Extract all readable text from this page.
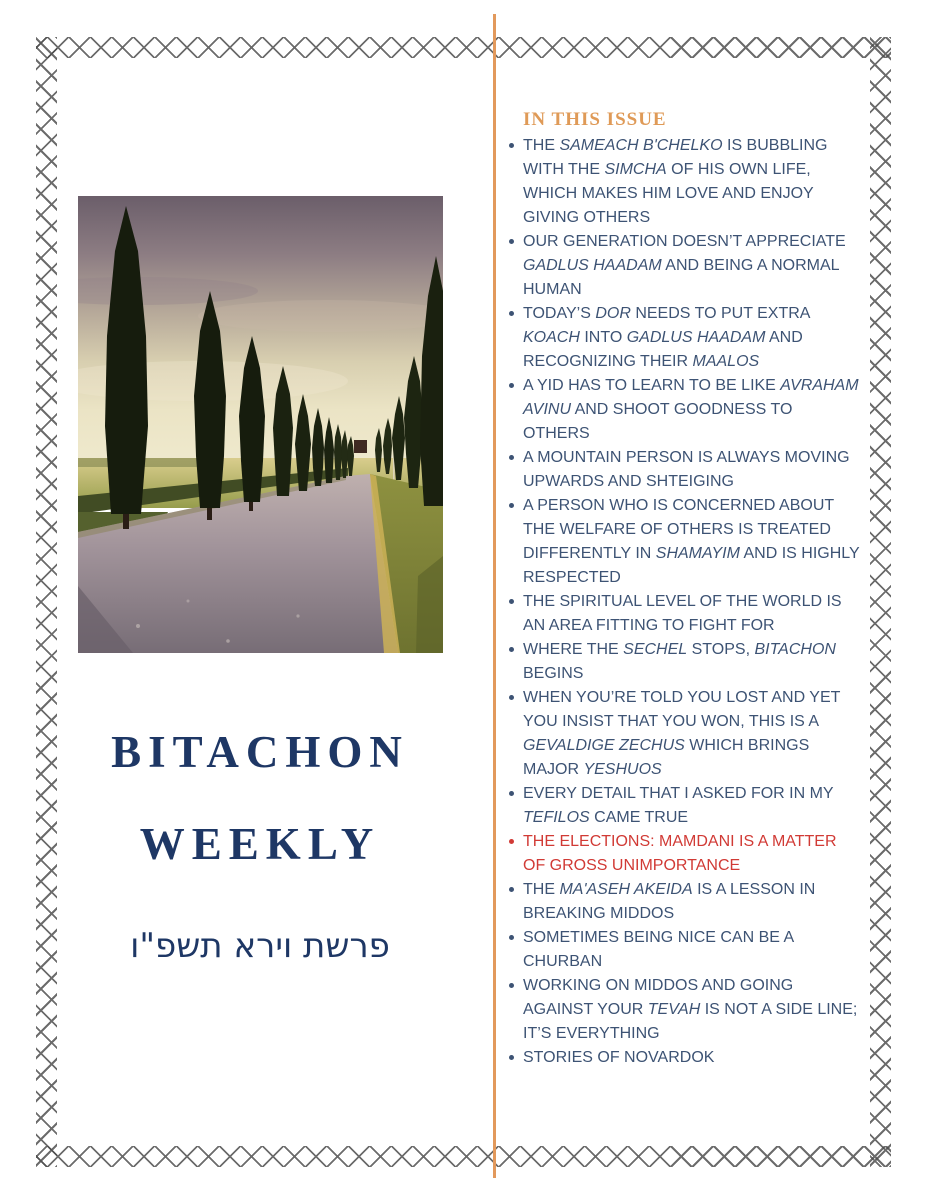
BITACHON
WEEKLY
פרשת וירא תשפ"ו
IN THIS ISSUE
THE SAMEACH B'CHELKO IS BUBBLING WITH THE SIMCHA OF HIS OWN LIFE, WHICH MAKES HIM LOVE AND ENJOY GIVING OTHERS
OUR GENERATION DOESN’T APPRECIATE GADLUS HAADAM AND BEING A NORMAL HUMAN
TODAY’S DOR NEEDS TO PUT EXTRA KOACH INTO GADLUS HAADAM AND RECOGNIZING THEIR MAALOS
A YID HAS TO LEARN TO BE LIKE AVRAHAM AVINU AND SHOOT GOODNESS TO OTHERS
A MOUNTAIN PERSON IS ALWAYS MOVING UPWARDS AND SHTEIGING
A PERSON WHO IS CONCERNED ABOUT THE WELFARE OF OTHERS IS TREATED DIFFERENTLY IN SHAMAYIM AND IS HIGHLY RESPECTED
THE SPIRITUAL LEVEL OF THE WORLD IS AN AREA FITTING TO FIGHT FOR
WHERE THE SECHEL STOPS, BITACHON BEGINS
WHEN YOU’RE TOLD YOU LOST AND YET YOU INSIST THAT YOU WON, THIS IS A GEVALDIGE ZECHUS WHICH BRINGS MAJOR YESHUOS
EVERY DETAIL THAT I ASKED FOR IN MY TEFILOS CAME TRUE
THE ELECTIONS: MAMDANI IS A MATTER OF GROSS UNIMPORTANCE
THE MA'ASEH AKEIDA IS A LESSON IN BREAKING MIDDOS
SOMETIMES BEING NICE CAN BE A CHURBAN
WORKING ON MIDDOS AND GOING AGAINST YOUR TEVAH IS NOT A SIDE LINE; IT’S EVERYTHING
STORIES OF NOVARDOK
